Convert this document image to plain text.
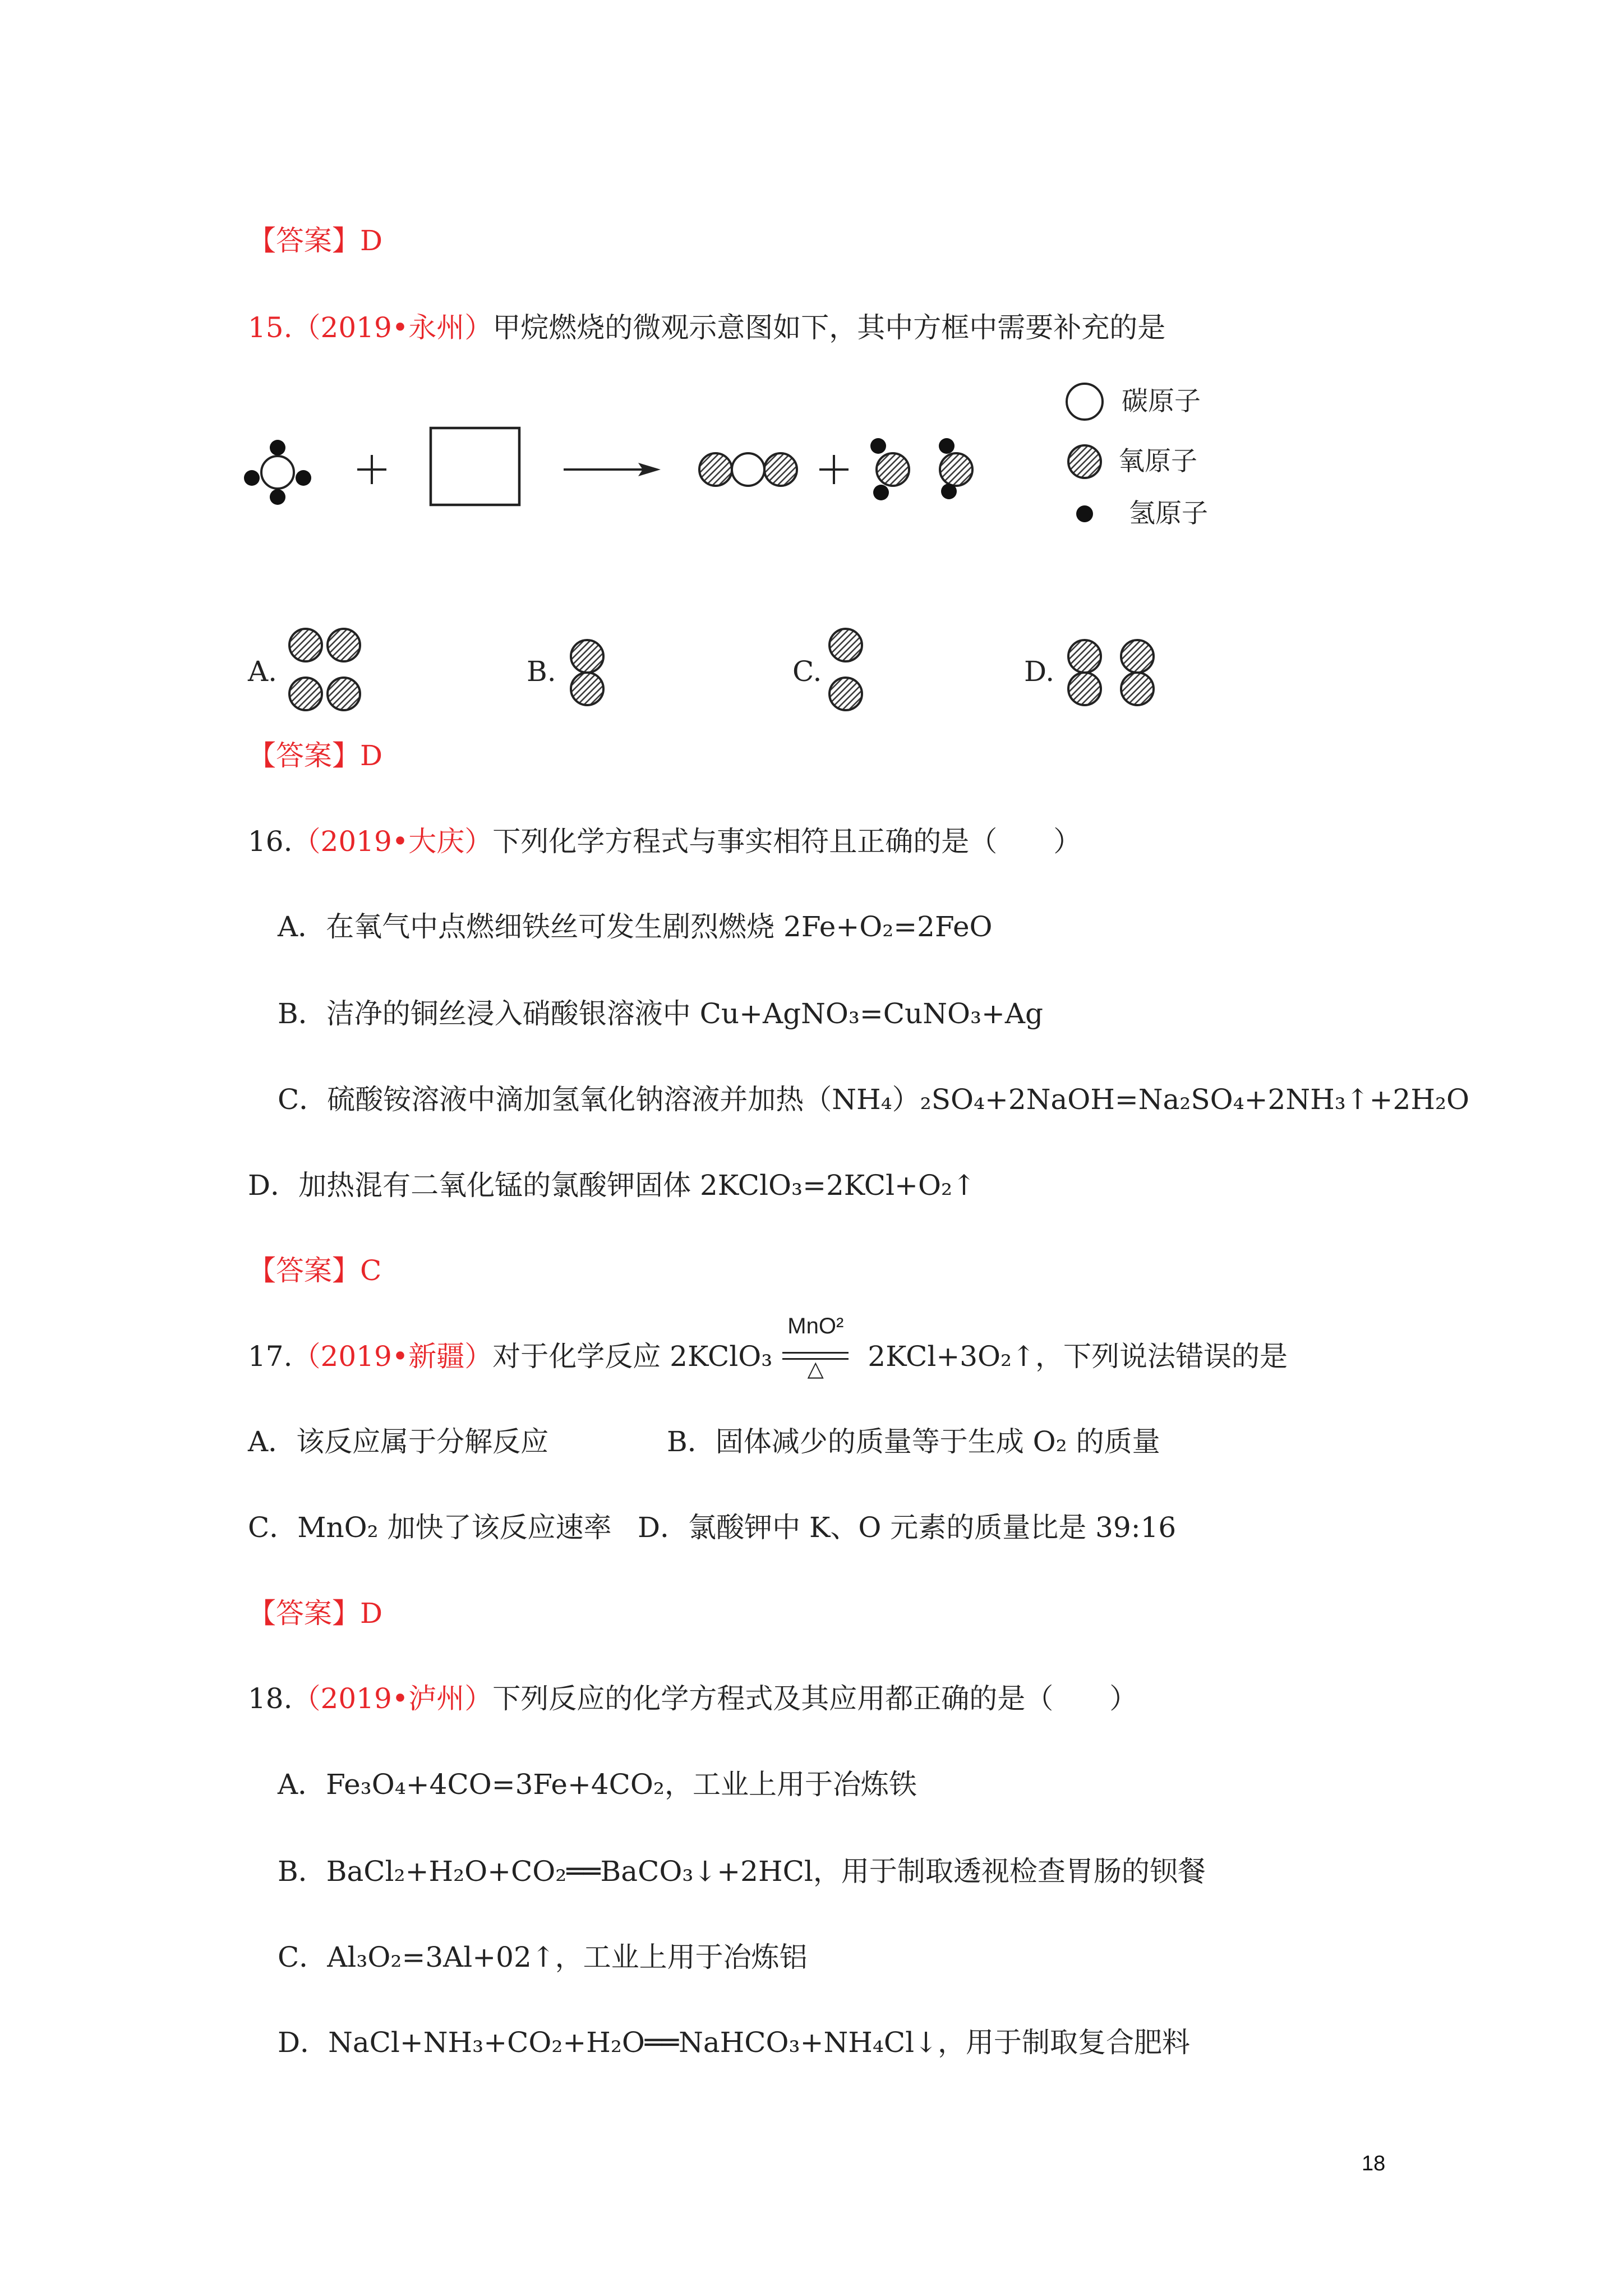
【答案】D
15.（2019•永州）甲烷燃烧的微观示意图如下，其中方框中需要补充的是
碳原子
氧原子
氢原子
A.	B.	C.	D.
【答案】D
16.（2019•大庆）下列化学方程式与事实相符且正确的是（　　）
A．在氧气中点燃细铁丝可发生剧烈燃烧 2Fe+O₂=2FeO
B．洁净的铜丝浸入硝酸银溶液中 Cu+AgNO₃=CuNO₃+Ag
C．硫酸铵溶液中滴加氢氧化钠溶液并加热（NH₄）₂SO₄+2NaOH=Na₂SO₄+2NH₃↑+2H₂O
D．加热混有二氧化锰的氯酸钾固体 2KClO₃=2KCl+O₂↑
【答案】C
17.（2019•新疆）对于化学反应 2KClO₃
MnO²
△	2KCl+3O₂↑，下列说法错误的是
A．该反应属于分解反应	B．固体减少的质量等于生成 O₂ 的质量
C．MnO₂ 加快了该反应速率 D．氯酸钾中 K、O 元素的质量比是 39:16
【答案】D
18.（2019•泸州）下列反应的化学方程式及其应用都正确的是（　　）
A．Fe₃O₄+4CO=3Fe+4CO₂，工业上用于冶炼铁
B．BaCl₂+H₂O+CO₂══BaCO₃↓+2HCl，用于制取透视检查胃肠的钡餐
C．Al₃O₂=3Al+02↑，工业上用于冶炼铝
D．NaCl+NH₃+CO₂+H₂O══NaHCO₃+NH₄Cl↓，用于制取复合肥料
18
